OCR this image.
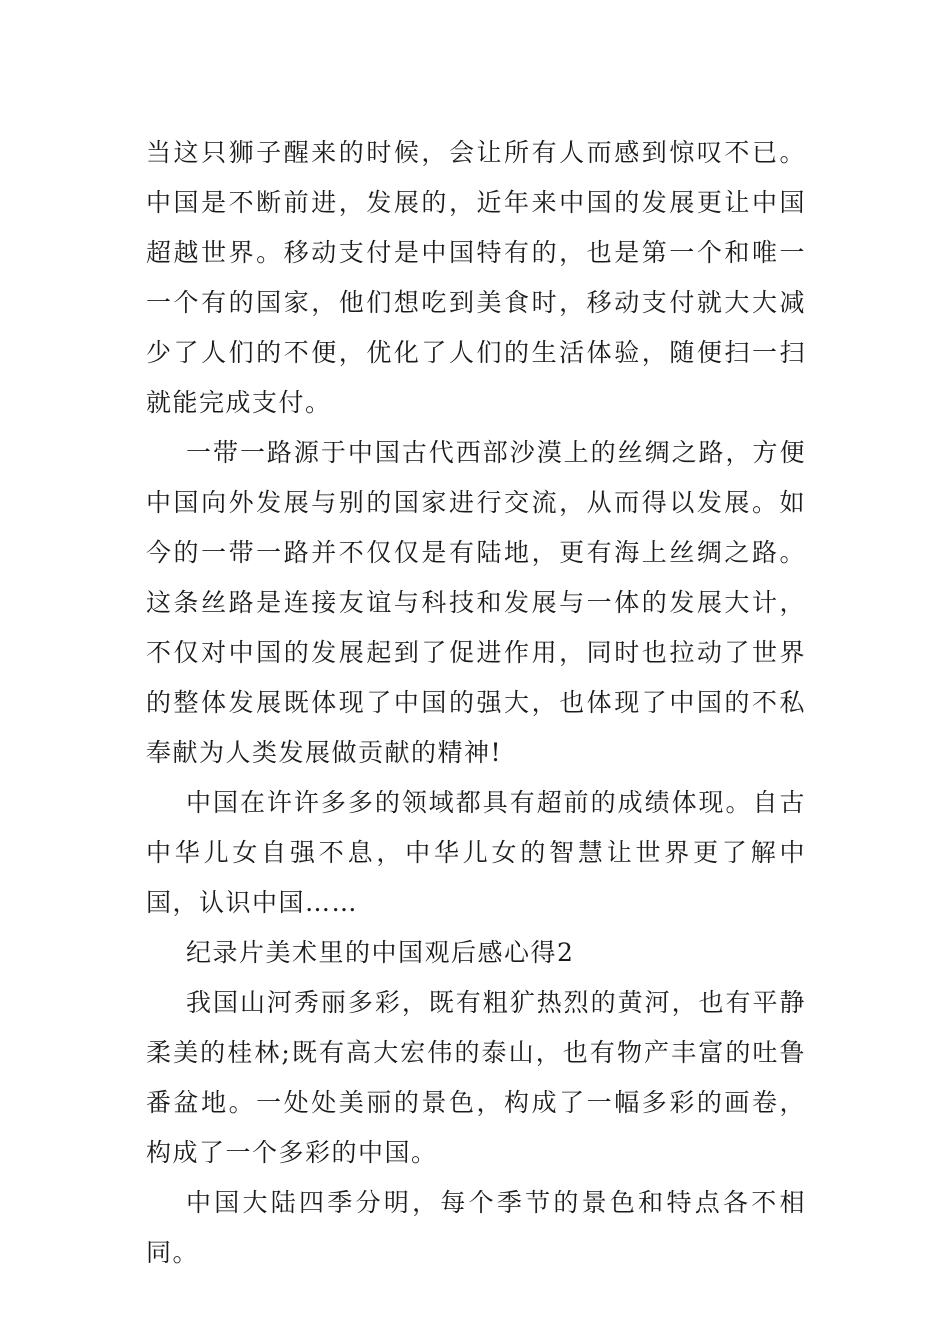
当这只狮子醒来的时候，会让所有人而感到惊叹不已。中国是不断前进，发展的，近年来中国的发展更让中国超越世界。移动支付是中国特有的，也是第一个和唯一一个有的国家，他们想吃到美食时，移动支付就大大减少了人们的不便，优化了人们的生活体验，随便扫一扫就能完成支付。

一带一路源于中国古代西部沙漠上的丝绸之路，方便中国向外发展与别的国家进行交流，从而得以发展。如今的一带一路并不仅仅是有陆地，更有海上丝绸之路。这条丝路是连接友谊与科技和发展与一体的发展大计，不仅对中国的发展起到了促进作用，同时也拉动了世界的整体发展既体现了中国的强大，也体现了中国的不私奉献为人类发展做贡献的精神!

中国在许许多多的领域都具有超前的成绩体现。自古中华儿女自强不息，中华儿女的智慧让世界更了解中国，认识中国……

纪录片美术里的中国观后感心得2

我国山河秀丽多彩，既有粗犷热烈的黄河，也有平静柔美的桂林;既有高大宏伟的泰山，也有物产丰富的吐鲁番盆地。一处处美丽的景色，构成了一幅多彩的画卷，构成了一个多彩的中国。

中国大陆四季分明，每个季节的景色和特点各不相同。
